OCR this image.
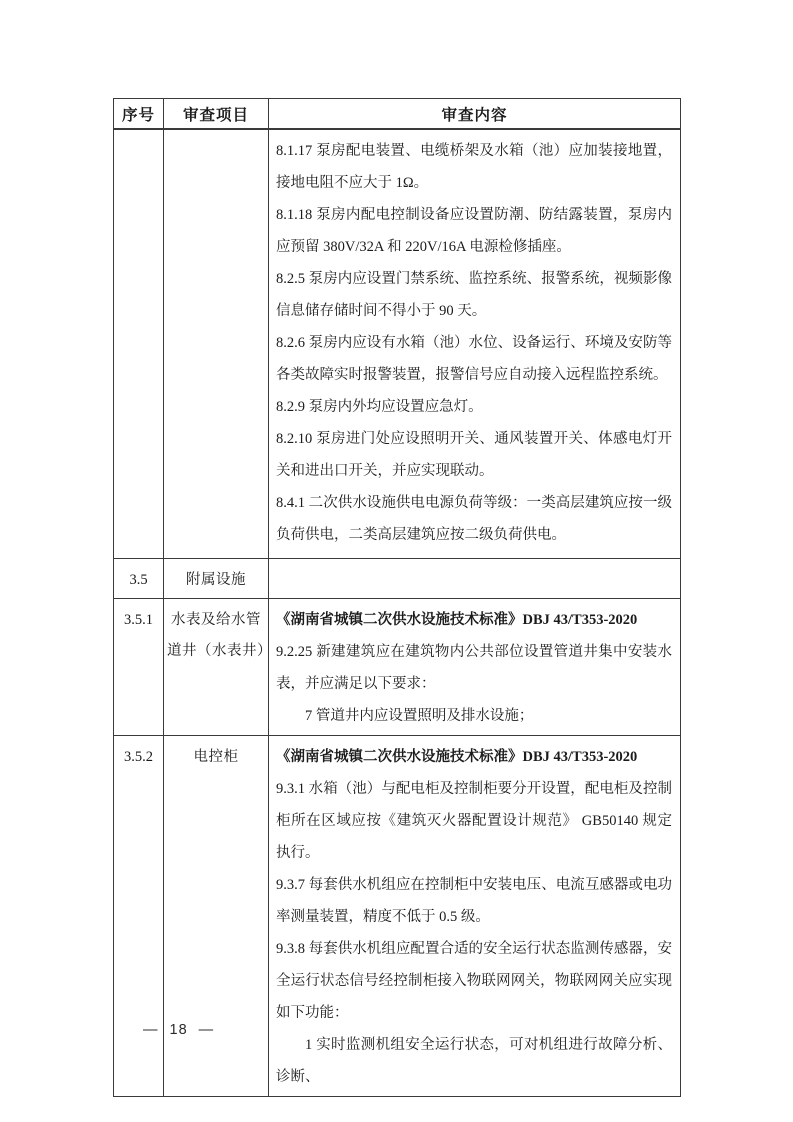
序号	审查项目	审查内容

8.1.17 泵房配电装置、电缆桥架及水箱（池）应加装接地置，接地电阻不应大于 1Ω。

8.1.18 泵房内配电控制设备应设置防潮、防结露装置，泵房内应预留 380V/32A 和 220V/16A 电源检修插座。

8.2.5 泵房内应设置门禁系统、监控系统、报警系统，视频影像信息储存储时间不得小于 90 天。

8.2.6 泵房内应设有水箱（池）水位、设备运行、环境及安防等各类故障实时报警装置，报警信号应自动接入远程监控系统。

8.2.9 泵房内外均应设置应急灯。

8.2.10 泵房进门处应设照明开关、通风装置开关、体感电灯开关和进出口开关，并应实现联动。

8.4.1 二次供水设施供电电源负荷等级：一类高层建筑应按一级负荷供电，二类高层建筑应按二级负荷供电。

3.5	附属设施	
3.5.1	水表及给水管道井（水表井）	《湖南省城镇二次供水设施技术标准》DBJ 43/T353-2020

9.2.25 新建建筑应在建筑物内公共部位设置管道井集中安装水表，并应满足以下要求：

7 管道井内应设置照明及排水设施；

3.5.2	电控柜	《湖南省城镇二次供水设施技术标准》DBJ 43/T353-2020

9.3.1 水箱（池）与配电柜及控制柜要分开设置，配电柜及控制柜所在区域应按《建筑灭火器配置设计规范》 GB50140 规定执行。

9.3.7 每套供水机组应在控制柜中安装电压、电流互感器或电功率测量装置，精度不低于 0.5 级。

9.3.8 每套供水机组应配置合适的安全运行状态监测传感器，安全运行状态信号经控制柜接入物联网网关，物联网网关应实现如下功能：

1 实时监测机组安全运行状态，可对机组进行故障分析、诊断、

— 18 —
